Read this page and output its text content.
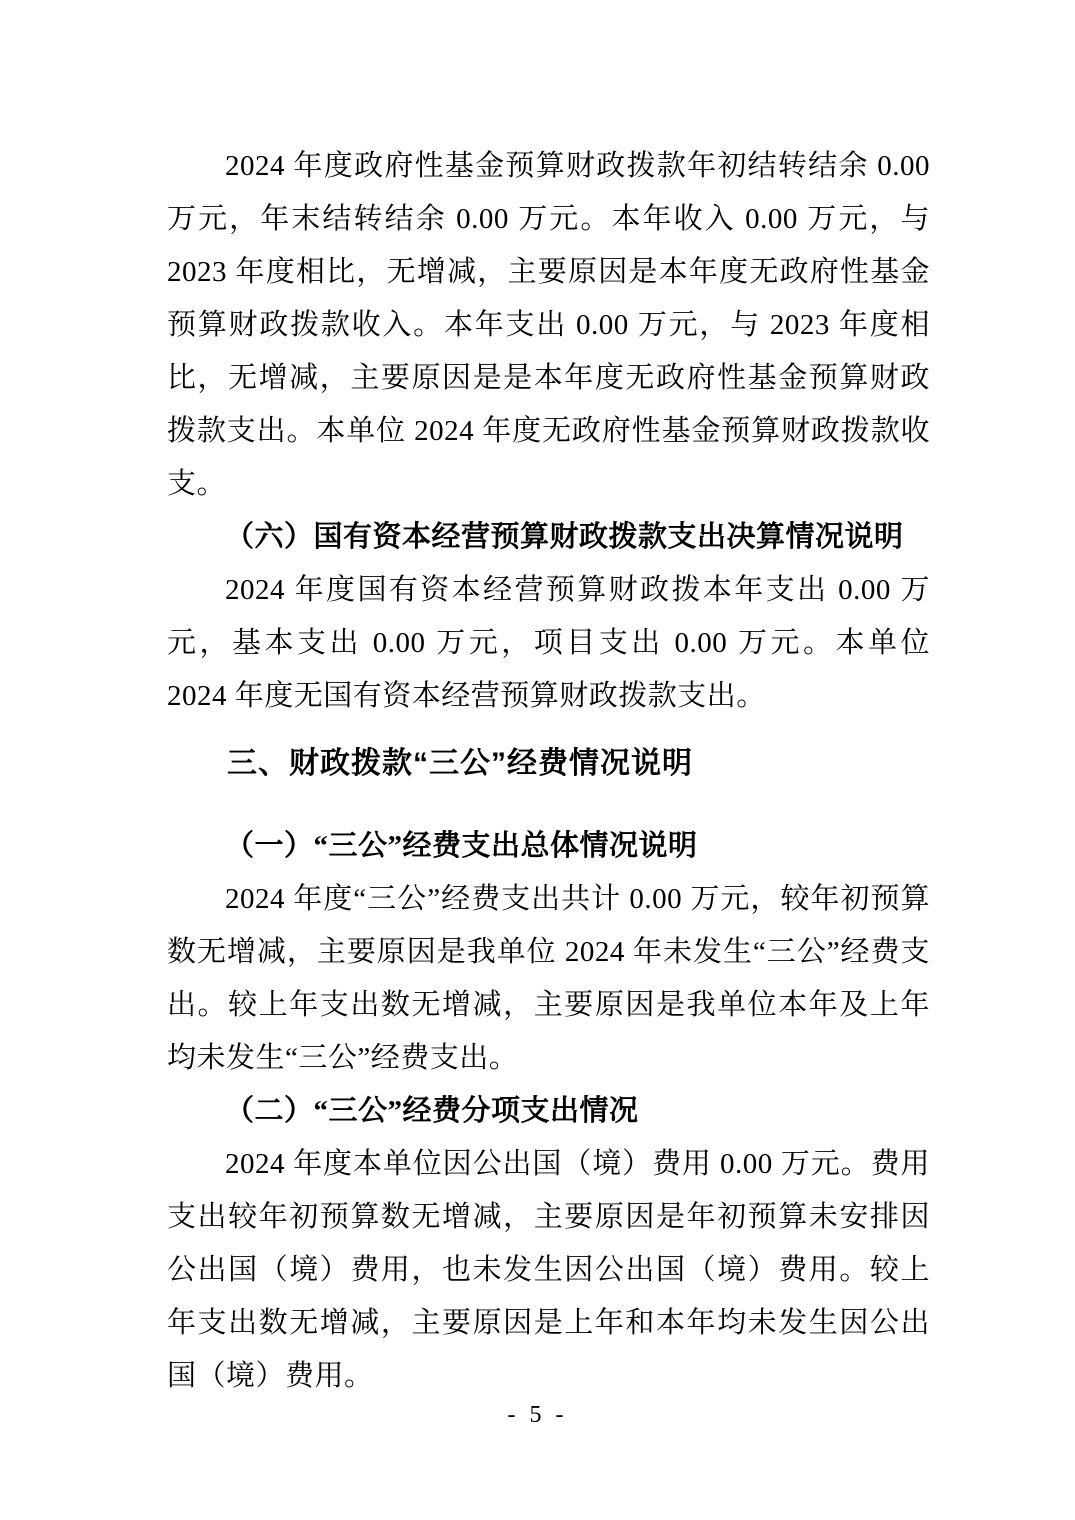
2024 年度政府性基金预算财政拨款年初结转结余 0.00 万元，年末结转结余 0.00 万元。本年收入 0.00 万元，与 2023 年度相比，无增减，主要原因是本年度无政府性基金预算财政拨款收入。本年支出 0.00 万元，与 2023 年度相比，无增减，主要原因是是本年度无政府性基金预算财政拨款支出。本单位 2024 年度无政府性基金预算财政拨款收支。

（六）国有资本经营预算财政拨款支出决算情况说明

2024 年度国有资本经营预算财政拨本年支出 0.00 万元，基本支出 0.00 万元，项目支出 0.00 万元。本单位 2024 年度无国有资本经营预算财政拨款支出。

三、财政拨款“三公”经费情况说明

（一）“三公”经费支出总体情况说明

2024 年度“三公”经费支出共计 0.00 万元，较年初预算数无增减，主要原因是我单位 2024 年未发生“三公”经费支出。较上年支出数无增减，主要原因是我单位本年及上年均未发生“三公”经费支出。

（二）“三公”经费分项支出情况

2024 年度本单位因公出国（境）费用 0.00 万元。费用支出较年初预算数无增减，主要原因是年初预算未安排因公出国（境）费用，也未发生因公出国（境）费用。较上年支出数无增减，主要原因是上年和本年均未发生因公出国（境）费用。

- 5 -
